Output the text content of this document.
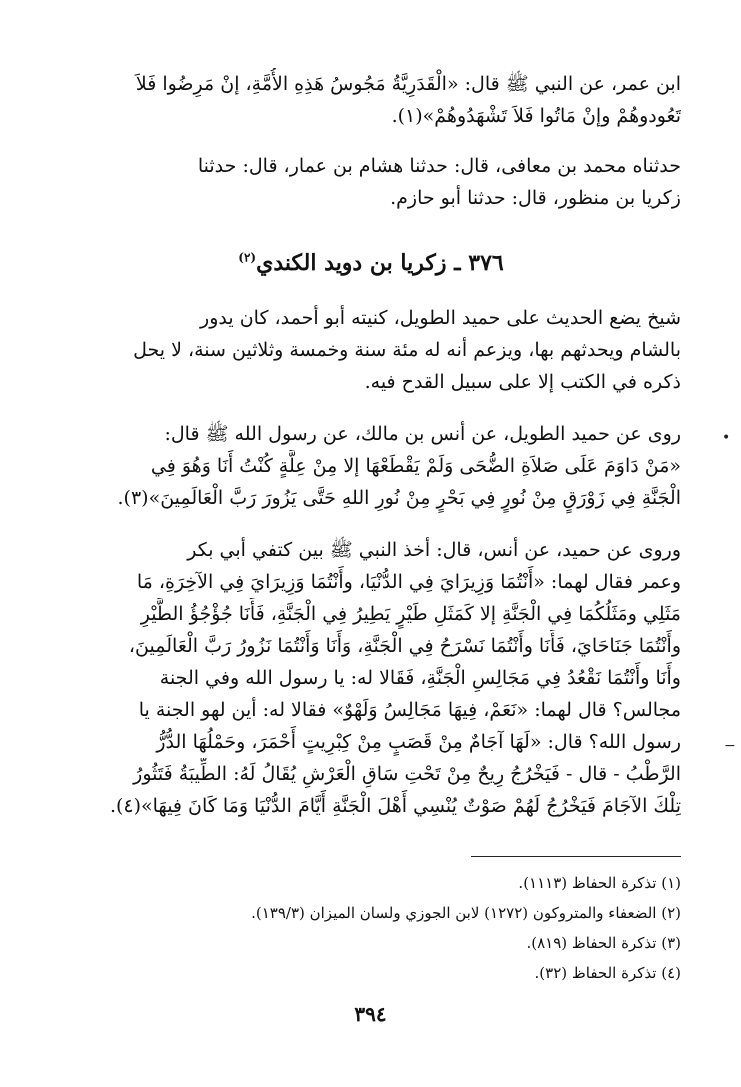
ابن عمر، عن النبي ﷺ قال: «الْقَدَرِيَّةُ مَجُوسُ هَذِهِ الأُمَّةِ، إنْ مَرِضُوا فَلاَ
تَعُودوهُمْ وإنْ مَاتُوا فَلاَ تَشْهَدُوهُمْ»(١).
حدثناه محمد بن معافى، قال: حدثنا هشام بن عمار، قال: حدثنا
زكريا بن منظور، قال: حدثنا أبو حازم.
شيخ يضع الحديث على حميد الطويل، كنيته أبو أحمد، كان يدور
بالشام ويحدثهم بها، ويزعم أنه له مئة سنة وخمسة وثلاثين سنة، لا يحل
ذكره في الكتب إلا على سبيل القدح فيه.
روى عن حميد الطويل، عن أنس بن مالك، عن رسول الله ﷺ قال:
«مَنْ دَاوَمَ عَلَى صَلاَةِ الضُّحَى وَلَمْ يَقْطَعْهَا إلا مِنْ عِلَّةٍ كُنْتُ أَنَا وَهُوَ فِي
الْجَنَّةِ فِي زَوْرَقٍ مِنْ نُورٍ فِي بَحْرٍ مِنْ نُورِ اللهِ حَتَّى يَزُورَ رَبَّ الْعَالَمِينَ»(٣).
وروى عن حميد، عن أنس، قال: أخذ النبي ﷺ بين كتفي أبي بكر
وعمر فقال لهما: «أَنْتُمَا وَزِيرَايَ فِي الدُّنْيَا، وأَنْتُمَا وَزِيرَايَ فِي الآخِرَةِ، مَا
مَثَلِي ومَثَلُكُمَا فِي الْجَنَّةِ إلا كَمَثَلِ طَيْرٍ يَطِيرُ فِي الْجَنَّةِ، فَأَنَا جُؤْجُؤُ الطَّيْرِ
وأَنْتُمَا جَنَاحَايَ، فَأَنَا وأَنْتُمَا نَسْرَحُ فِي الْجَنَّةِ، وَأَنَا وَأَنْتُمَا نَزُورُ رَبَّ الْعَالَمِينَ،
وأَنَا وأَنْتُمَا نَقْعُدُ فِي مَجَالِسِ الْجَنَّةِ، فَقَالا له: يا رسول الله وفي الجنة
مجالس؟ قال لهما: «نَعَمْ، فِيهَا مَجَالِسُ وَلَهْوٌ» فقالا له: أين لهو الجنة يا
رسول الله؟ قال: «لَهَا آجَامٌ مِنْ قَصَبٍ مِنْ كِبْرِيتٍ أَحْمَرَ، وحَمْلُهَا الدُّرُّ
الرَّطْبُ - قال - فَيَخْرُجُ رِيحٌ مِنْ تَحْتِ سَاقِ الْعَرْشِ يُقَالُ لَهُ: الطِّيبَةُ فَتَثُورُ
تِلْكَ الآجَامَ فَيَخْرُجُ لَهُمْ صَوْتٌ يُنْسِي أَهْلَ الْجَنَّةِ أَيَّامَ الدُّنْيَا وَمَا كَانَ فِيهَا»(٤).
٣٧٦ ـ زكريا بن دويد الكندي$^{(٢)}$
(١) تذكرة الحفاظ (١١١٣).
(٢) الضعفاء والمتروكون (١٢٧٢) لابن الجوزي ولسان الميزان (١٣٩/٣).
(٣) تذكرة الحفاظ (٨١٩).
(٤) تذكرة الحفاظ (٣٢).
٣٩٤
•
−
